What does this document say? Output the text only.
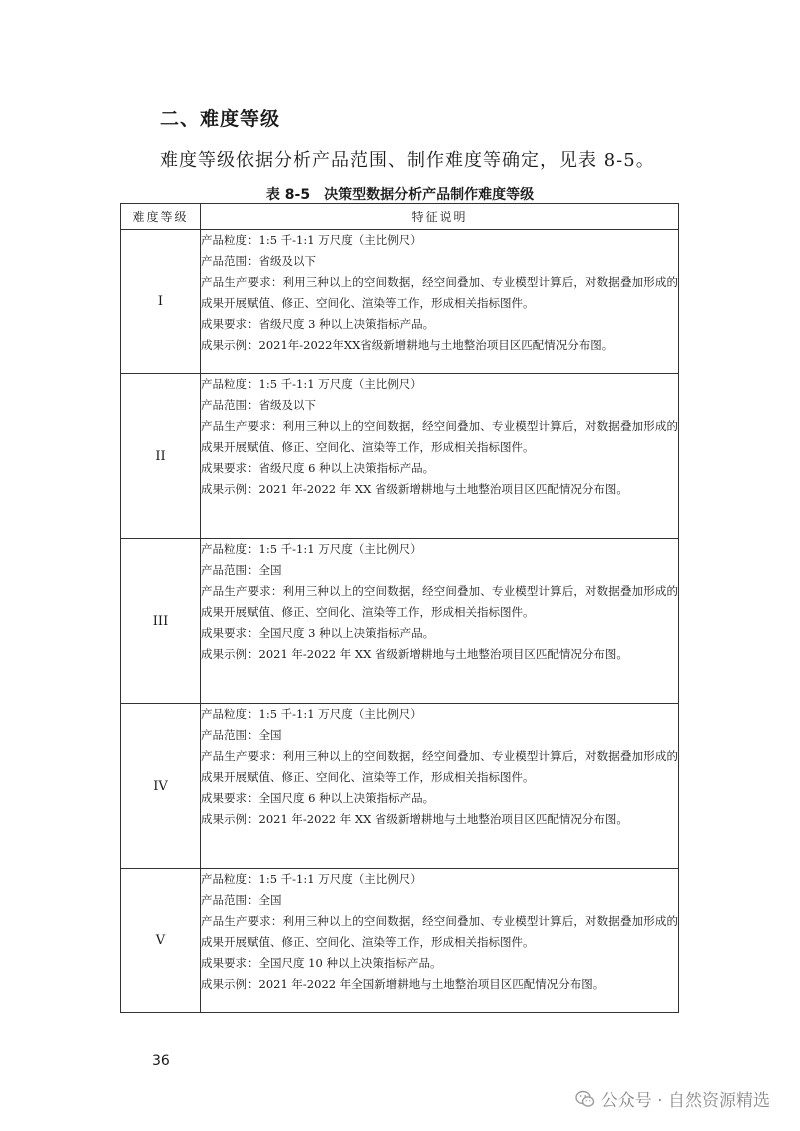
二、难度等级
难度等级依据分析产品范围、制作难度等确定，见表 8-5。
表 8-5　决策型数据分析产品制作难度等级
难度等级	特征说明
I	产品粒度：1:5 千-1:1 万尺度（主比例尺）

产品范围：省级及以下

产品生产要求：利用三种以上的空间数据，经空间叠加、专业模型计算后，对数据叠加形成的成果开展赋值、修正、空间化、渲染等工作，形成相关指标图件。

成果要求：省级尺度 3 种以上决策指标产品。

成果示例：2021年-2022年XX省级新增耕地与土地整治项目区匹配情况分布图。

II	产品粒度：1:5 千-1:1 万尺度（主比例尺）

产品范围：省级及以下

产品生产要求：利用三种以上的空间数据，经空间叠加、专业模型计算后，对数据叠加形成的成果开展赋值、修正、空间化、渲染等工作，形成相关指标图件。

成果要求：省级尺度 6 种以上决策指标产品。

成果示例：2021 年-2022 年 XX 省级新增耕地与土地整治项目区匹配情况分布图。

III	产品粒度：1:5 千-1:1 万尺度（主比例尺）

产品范围：全国

产品生产要求：利用三种以上的空间数据，经空间叠加、专业模型计算后，对数据叠加形成的成果开展赋值、修正、空间化、渲染等工作，形成相关指标图件。

成果要求：全国尺度 3 种以上决策指标产品。

成果示例：2021 年-2022 年 XX 省级新增耕地与土地整治项目区匹配情况分布图。

IV	产品粒度：1:5 千-1:1 万尺度（主比例尺）

产品范围：全国

产品生产要求：利用三种以上的空间数据，经空间叠加、专业模型计算后，对数据叠加形成的成果开展赋值、修正、空间化、渲染等工作，形成相关指标图件。

成果要求：全国尺度 6 种以上决策指标产品。

成果示例：2021 年-2022 年 XX 省级新增耕地与土地整治项目区匹配情况分布图。

V	产品粒度：1:5 千-1:1 万尺度（主比例尺）

产品范围：全国

产品生产要求：利用三种以上的空间数据，经空间叠加、专业模型计算后，对数据叠加形成的成果开展赋值、修正、空间化、渲染等工作，形成相关指标图件。

成果要求：全国尺度 10 种以上决策指标产品。

成果示例：2021 年-2022 年全国新增耕地与土地整治项目区匹配情况分布图。

36
公众号 · 自然资源精选
